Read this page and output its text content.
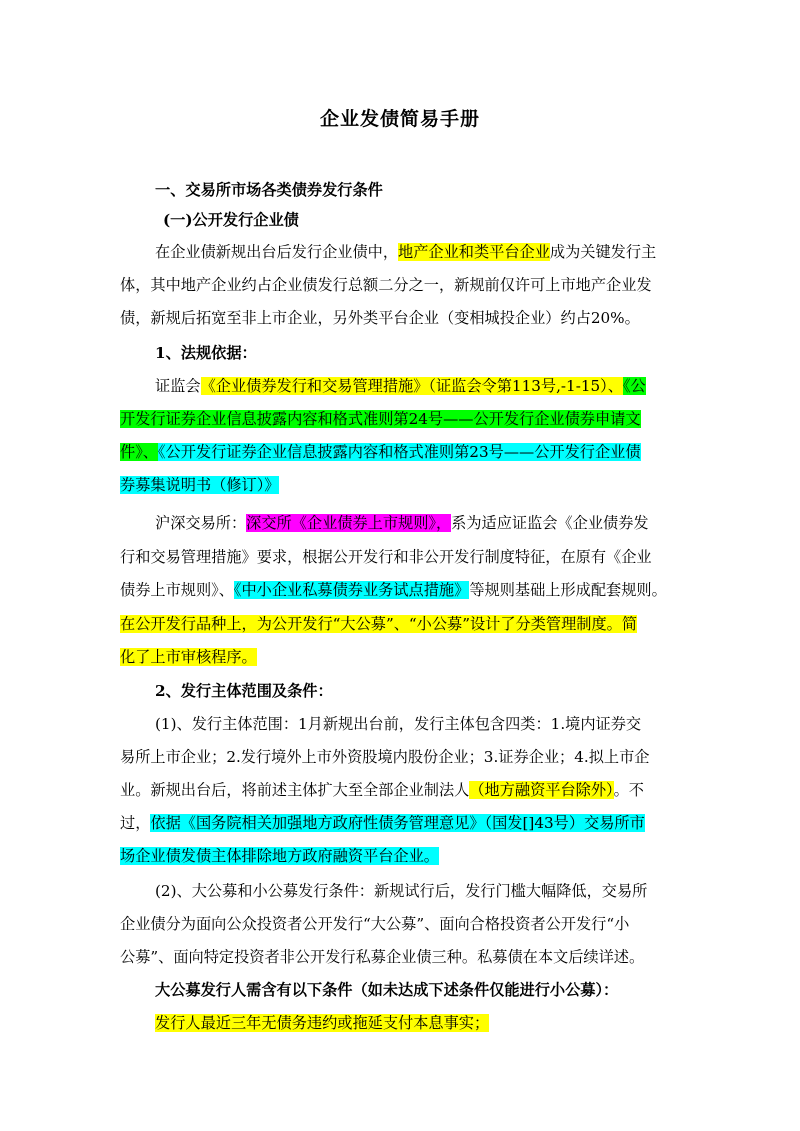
企业发债简易手册
一、交易所市场各类债券发行条件
(一)公开发行企业债
在企业债新规出台后发行企业债中，地产企业和类平台企业成为关键发行主
体，其中地产企业约占企业债发行总额二分之一，新规前仅许可上市地产企业发
债，新规后拓宽至非上市企业，另外类平台企业（变相城投企业）约占20%。
1、法规依据：
证监会《企业债券发行和交易管理措施》（证监会令第113号,-1-15）、《公
开发行证券企业信息披露内容和格式准则第24号——公开发行企业债券申请文
件》、《公开发行证券企业信息披露内容和格式准则第23号——公开发行企业债
券募集说明书（修订）》
沪深交易所：深交所《企业债券上市规则》，系为适应证监会《企业债券发
行和交易管理措施》要求，根据公开发行和非公开发行制度特征，在原有《企业
债券上市规则》、《中小企业私募债券业务试点措施》等规则基础上形成配套规则。
在公开发行品种上，为公开发行“大公募”、“小公募”设计了分类管理制度。简
化了上市审核程序。
2、发行主体范围及条件：
(1)、发行主体范围：1月新规出台前，发行主体包含四类：1.境内证券交
易所上市企业；2.发行境外上市外资股境内股份企业；3.证券企业；4.拟上市企
业。新规出台后，将前述主体扩大至全部企业制法人（地方融资平台除外）。不
过，依据《国务院相关加强地方政府性债务管理意见》（国发[]43号）交易所市
场企业债发债主体排除地方政府融资平台企业。
(2)、大公募和小公募发行条件：新规试行后，发行门槛大幅降低，交易所
企业债分为面向公众投资者公开发行“大公募”、面向合格投资者公开发行“小
公募”、面向特定投资者非公开发行私募企业债三种。私募债在本文后续详述。
大公募发行人需含有以下条件（如未达成下述条件仅能进行小公募）：
发行人最近三年无债务违约或拖延支付本息事实；
